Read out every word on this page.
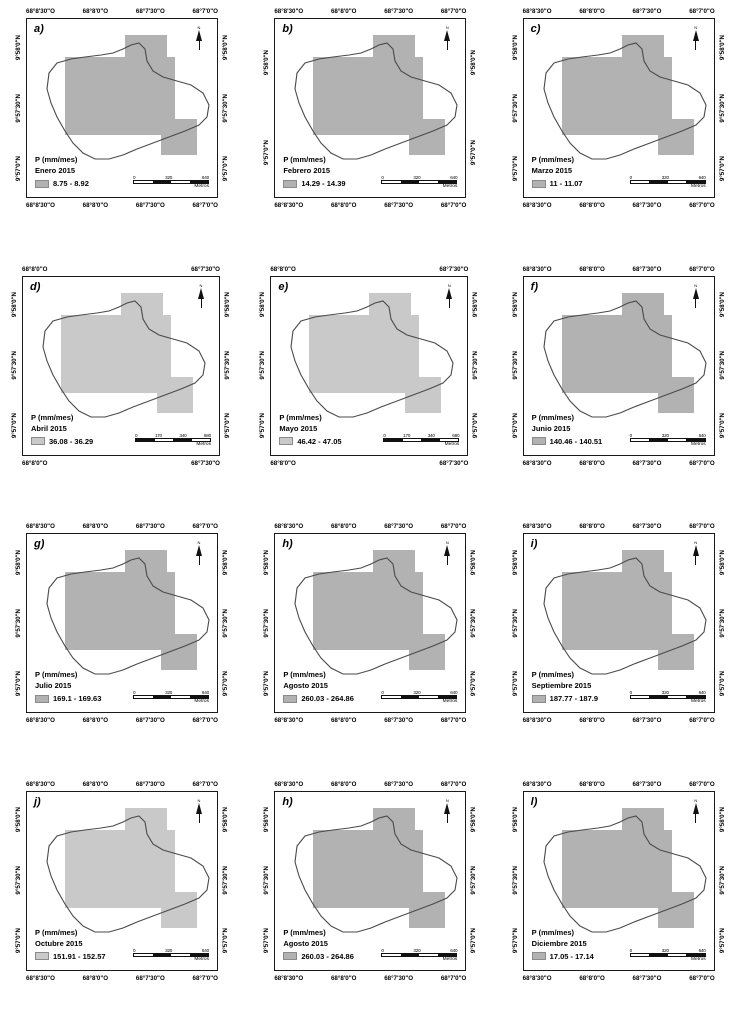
68°8'30"O	68°8'0"O	68°7'30"O	68°7'0"O
9°58'0"N
9°57'30"N
9°57'0"N
9°58'0"N
9°57'30"N
9°57'0"N
a)	N
P (mm/mes)
Enero 2015
8.75 - 8.92
0	320	640
Metros
68°8'30"O	68°8'0"O	68°7'30"O	68°7'0"O
68°8'30"O	68°8'0"O	68°7'30"O	68°7'0"O
9°58'0"N
9°57'0"N
9°58'0"N
9°57'0"N
b)	N
P (mm/mes)
Febrero 2015
14.29 - 14.39
0	320	640
Metros
68°8'30"O	68°8'0"O	68°7'30"O	68°7'0"O
68°8'30"O	68°8'0"O	68°7'30"O	68°7'0"O
9°58'0"N
9°57'30"N
9°57'0"N
9°58'0"N
9°57'30"N
9°57'0"N
c)	N
P (mm/mes)
Marzo 2015
11 - 11.07
0	320	640
Metros
68°8'30"O	68°8'0"O	68°7'30"O	68°7'0"O
68°8'0"O	68°7'30"O
9°58'0"N
9°57'30"N
9°57'0"N
9°58'0"N
9°57'30"N
9°57'0"N
d)	N
P (mm/mes)
Abril 2015
36.08 - 36.29
0	170	340	680
Metros
68°8'0"O	68°7'30"O
68°8'0"O	68°7'30"O
9°58'0"N
9°57'30"N
9°57'0"N
9°58'0"N
9°57'30"N
9°57'0"N
e)	N
P (mm/mes)
Mayo 2015
46.42 - 47.05
0	170	340	680
Metros
68°8'0"O	68°7'30"O
68°8'30"O	68°8'0"O	68°7'30"O	68°7'0"O
9°58'0"N
9°57'30"N
9°57'0"N
9°58'0"N
9°57'30"N
9°57'0"N
f)	N
P (mm/mes)
Junio 2015
140.46 - 140.51
0	320	640
Metros
68°8'30"O	68°8'0"O	68°7'30"O	68°7'0"O
68°8'30"O	68°8'0"O	68°7'30"O	68°7'0"O
9°58'0"N
9°57'30"N
9°57'0"N
9°58'0"N
9°57'30"N
9°57'0"N
g)	N
P (mm/mes)
Julio 2015
169.1 - 169.63
0	320	640
Metros
68°8'30"O	68°8'0"O	68°7'30"O	68°7'0"O
68°8'30"O	68°8'0"O	68°7'30"O	68°7'0"O
9°58'0"N
9°57'30"N
9°57'0"N
9°58'0"N
9°57'30"N
9°57'0"N
h)	N
P (mm/mes)
Agosto 2015
260.03 - 264.86
0	320	640
Metros
68°8'30"O	68°8'0"O	68°7'30"O	68°7'0"O
68°8'30"O	68°8'0"O	68°7'30"O	68°7'0"O
9°58'0"N
9°57'30"N
9°57'0"N
9°58'0"N
9°57'30"N
9°57'0"N
i)	N
P (mm/mes)
Septiembre 2015
187.77 - 187.9
0	320	640
Metros
68°8'30"O	68°8'0"O	68°7'30"O	68°7'0"O
68°8'30"O	68°8'0"O	68°7'30"O	68°7'0"O
9°58'0"N
9°57'30"N
9°57'0"N
9°58'0"N
9°57'30"N
9°57'0"N
j)	N
P (mm/mes)
Octubre 2015
151.91 - 152.57
0	320	640
Metros
68°8'30"O	68°8'0"O	68°7'30"O	68°7'0"O
68°8'30"O	68°8'0"O	68°7'30"O	68°7'0"O
9°58'0"N
9°57'30"N
9°57'0"N
9°58'0"N
9°57'30"N
9°57'0"N
h)	N
P (mm/mes)
Agosto 2015
260.03 - 264.86
0	320	640
Metros
68°8'30"O	68°8'0"O	68°7'30"O	68°7'0"O
68°8'30"O	68°8'0"O	68°7'30"O	68°7'0"O
9°58'0"N
9°57'30"N
9°57'0"N
9°58'0"N
9°57'30"N
9°57'0"N
l)	N
P (mm/mes)
Diciembre 2015
17.05 - 17.14
0	320	640
Metros
68°8'30"O	68°8'0"O	68°7'30"O	68°7'0"O
